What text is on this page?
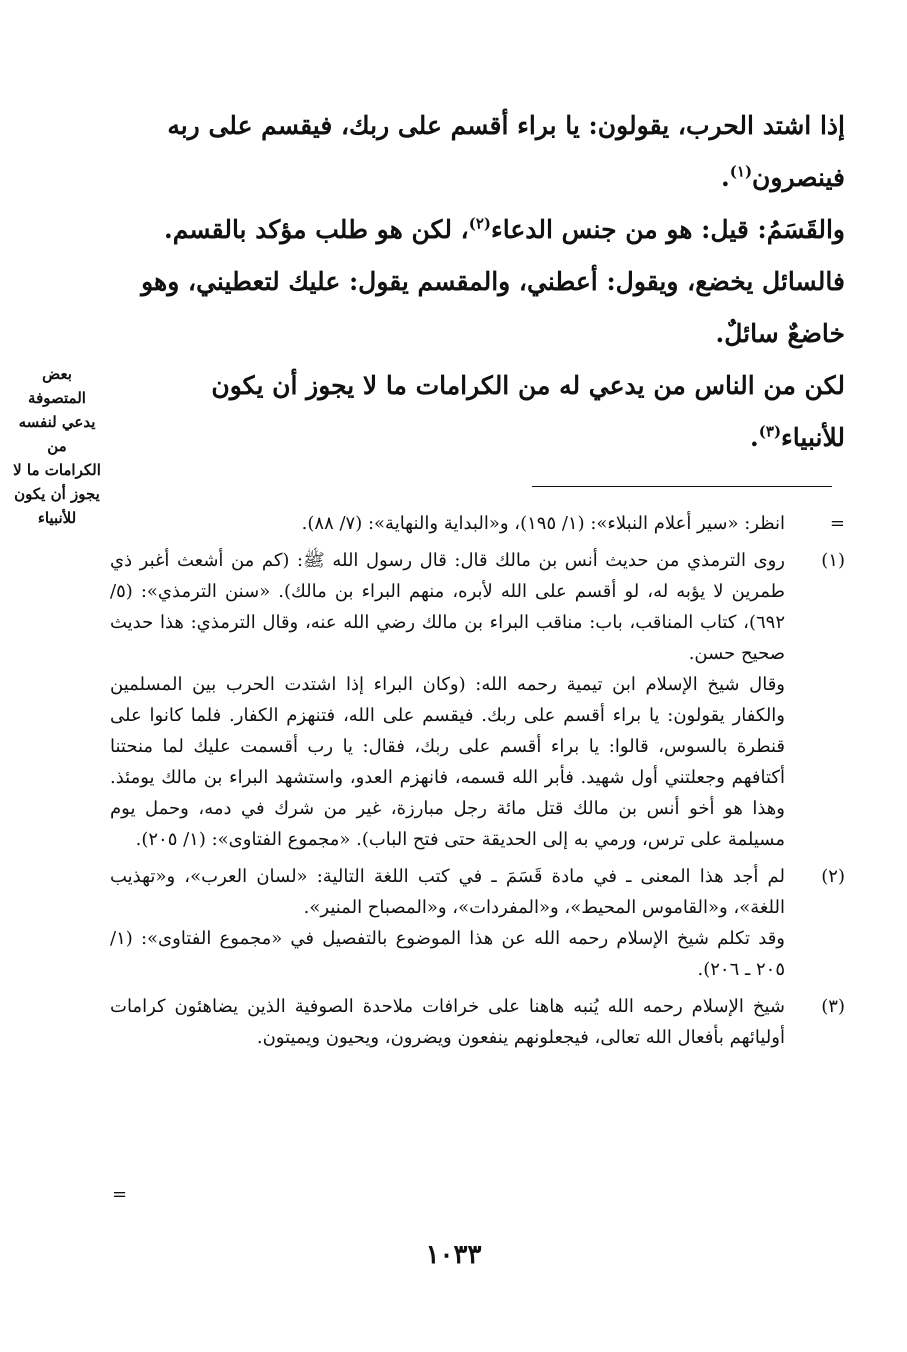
إذا اشتد الحرب، يقولون: يا براء أقسم على ربك، فيقسم على ربه

فينصرون$^{(١)}$.

والقَسَمُ: قيل: هو من جنس الدعاء$^{(٢)}$، لكن هو طلب مؤكد بالقسم.

فالسائل يخضع، ويقول: أعطني، والمقسم يقول: عليك لتعطيني، وهو

خاضعٌ سائلٌ.

لكن من الناس من يدعي له من الكرامات ما لا يجوز أن يكون

للأنبياء$^{(٣)}$.

بعض المتصوفة
يدعي لنفسه من
الكرامات ما لا
يجوز أن يكون
للأنبياء	=
انظر: «سير أعلام النبلاء»: (١/ ١٩٥)، و«البداية والنهاية»: (٧/ ٨٨).
(١)
روى الترمذي من حديث أنس بن مالك قال: قال رسول الله ﷺ: (كم من أشعث أغبر ذي طمرين لا يؤبه له، لو أقسم على الله لأبره، منهم البراء بن مالك). «سنن الترمذي»: (٥/ ٦٩٢)، كتاب المناقب، باب: مناقب البراء بن مالك رضي الله عنه، وقال الترمذي: هذا حديث صحيح حسن.
وقال شيخ الإسلام ابن تيمية رحمه الله: (وكان البراء إذا اشتدت الحرب بين المسلمين والكفار يقولون: يا براء أقسم على ربك. فيقسم على الله، فتنهزم الكفار. فلما كانوا على قنطرة بالسوس، قالوا: يا براء أقسم على ربك، فقال: يا رب أقسمت عليك لما منحتنا أكتافهم وجعلتني أول شهيد. فأبر الله قسمه، فانهزم العدو، واستشهد البراء بن مالك يومئذ. وهذا هو أخو أنس بن مالك قتل مائة رجل مبارزة، غير من شرك في دمه، وحمل يوم مسيلمة على ترس، ورمي به إلى الحديقة حتى فتح الباب). «مجموع الفتاوى»: (١/ ٢٠٥).
(٢)
لم أجد هذا المعنى ـ في مادة قَسَمَ ـ في كتب اللغة التالية: «لسان العرب»، و«تهذيب اللغة»، و«القاموس المحيط»، و«المفردات»، و«المصباح المنير».
وقد تكلم شيخ الإسلام رحمه الله عن هذا الموضوع بالتفصيل في «مجموع الفتاوى»: (١/ ٢٠٥ ـ ٢٠٦).
(٣)
شيخ الإسلام رحمه الله يُنبه هاهنا على خرافات ملاحدة الصوفية الذين يضاهئون كرامات أوليائهم بأفعال الله تعالى، فيجعلونهم ينفعون ويضرون، ويحيون ويميتون.
=
١٠٣٣
